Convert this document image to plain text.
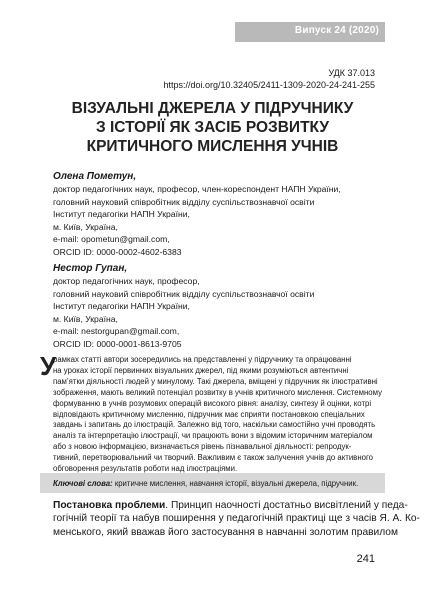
Випуск 24 (2020)
УДК 37.013
https://doi.org/10.32405/2411-1309-2020-24-241-255
ВІЗУАЛЬНІ ДЖЕРЕЛА У ПІДРУЧНИКУ
З ІСТОРІЇ ЯК ЗАСІБ РОЗВИТКУ
КРИТИЧНОГО МИСЛЕННЯ УЧНІВ
Олена Пометун,
доктор педагогічних наук, професор, член-кореспондент НАПН України,
головний науковий співробітник відділу суспільствознавчої освіти
Інститут педагогіки НАПН України,
м. Київ, Україна,
e-mail: opometun@gmail.com,
ORCID ID: 0000-0002-4602-6383
Нестор Гупан,
доктор педагогічних наук, професор,
головний науковий співробітник відділу суспільствознавчої освіти
Інститут педагогіки НАПН України,
м. Київ, Україна,
e-mail: nestorgupan@gmail.com,
ORCID ID: 0000-0001-8613-9705
У
рамках статті автори зосередились на представленні у підручнику та опрацюванні
на уроках історії первинних візуальних джерел, під якими розуміються автентичні
пам’ятки діяльності людей у минулому. Такі джерела, вміщені у підручник як ілюстративні
зображення, мають великий потенціал розвитку в учнів критичного мислення. Системному
формуванню в учнів розумових операцій високого рівня: аналізу, синтезу й оцінки, котрі
відповідають критичному мисленню, підручник має сприяти постановкою спеціальних
завдань і запитань до ілюстрацій. Залежно від того, наскільки самостійно учні проводять
аналіз та інтерпретацію ілюстрації, чи працюють вони з відомим історичним матеріалом
або з новою інформацією, визначається рівень пізнавальної діяльності: репродук-
тивний, перетворювальний чи творчий. Важливим є також залучення учнів до активного
обговорення результатів роботи над ілюстраціями.
Ключові слова: критичне мислення, навчання історії, візуальні джерела, підручник.
Постановка проблеми. Принцип наочності достатньо висвітлений у педа-
гогічній теорії та набув поширення у педагогічній практиці ще з часів Я. А. Ко-
менського, який вважав його застосування в навчанні золотим правилом
241
